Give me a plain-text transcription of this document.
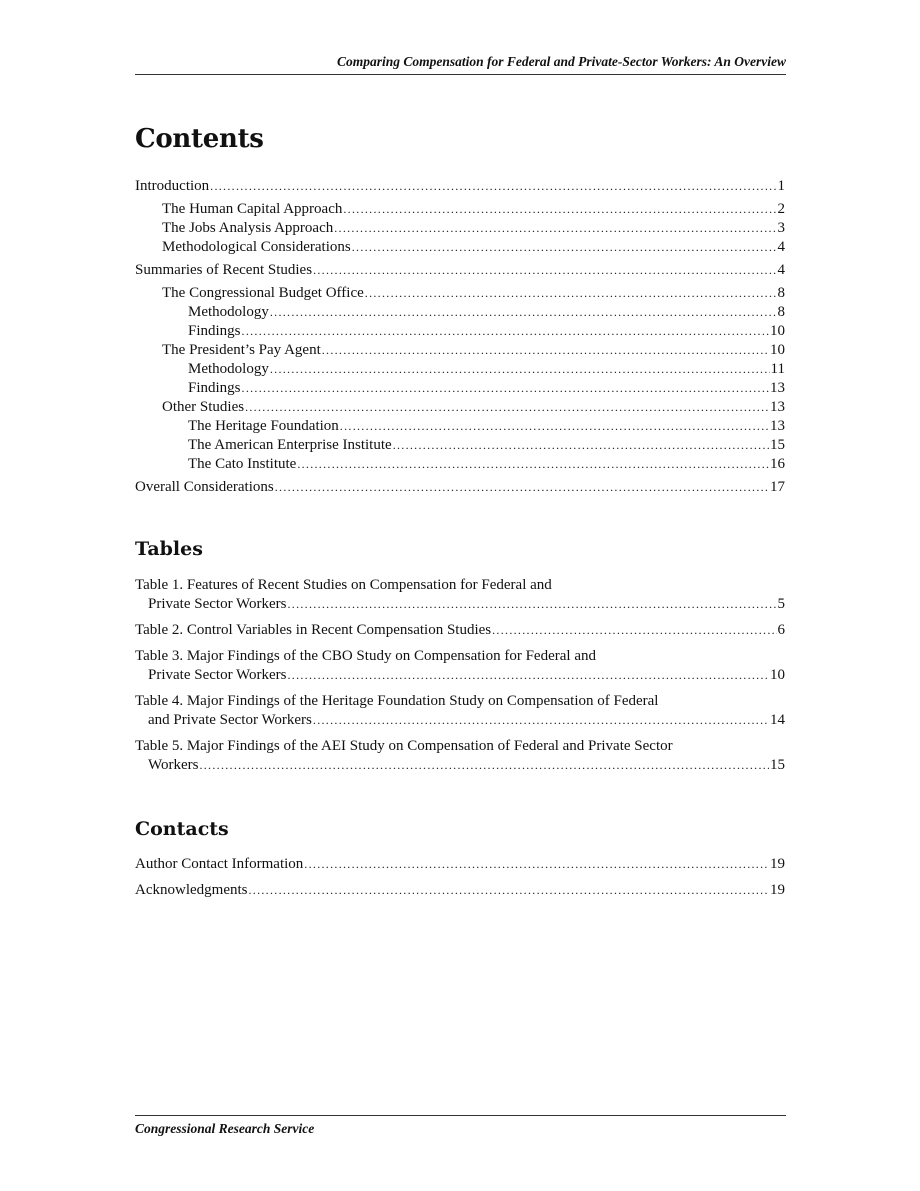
Comparing Compensation for Federal and Private-Sector Workers: An Overview
Contents
Introduction .....	1
The Human Capital Approach .....	2
The Jobs Analysis Approach .....	3
Methodological Considerations .....	4
Summaries of Recent Studies .....	4
The Congressional Budget Office .....	8
Methodology .....	8
Findings .....	10
The President’s Pay Agent .....	10
Methodology .....	11
Findings .....	13
Other Studies .....	13
The Heritage Foundation .....	13
The American Enterprise Institute .....	15
The Cato Institute .....	16
Overall Considerations .....	17
Tables
Table 1. Features of Recent Studies on Compensation for Federal and
Private Sector Workers .....	5
Table 2. Control Variables in Recent Compensation Studies .....	6
Table 3. Major Findings of the CBO Study on Compensation for Federal and
Private Sector Workers .....	10
Table 4. Major Findings of the Heritage Foundation Study on Compensation of Federal
and Private Sector Workers .....	14
Table 5. Major Findings of the AEI Study on Compensation of Federal and Private Sector
Workers .....	15
Contacts
Author Contact Information .....	19
Acknowledgments .....	19
Congressional Research Service
